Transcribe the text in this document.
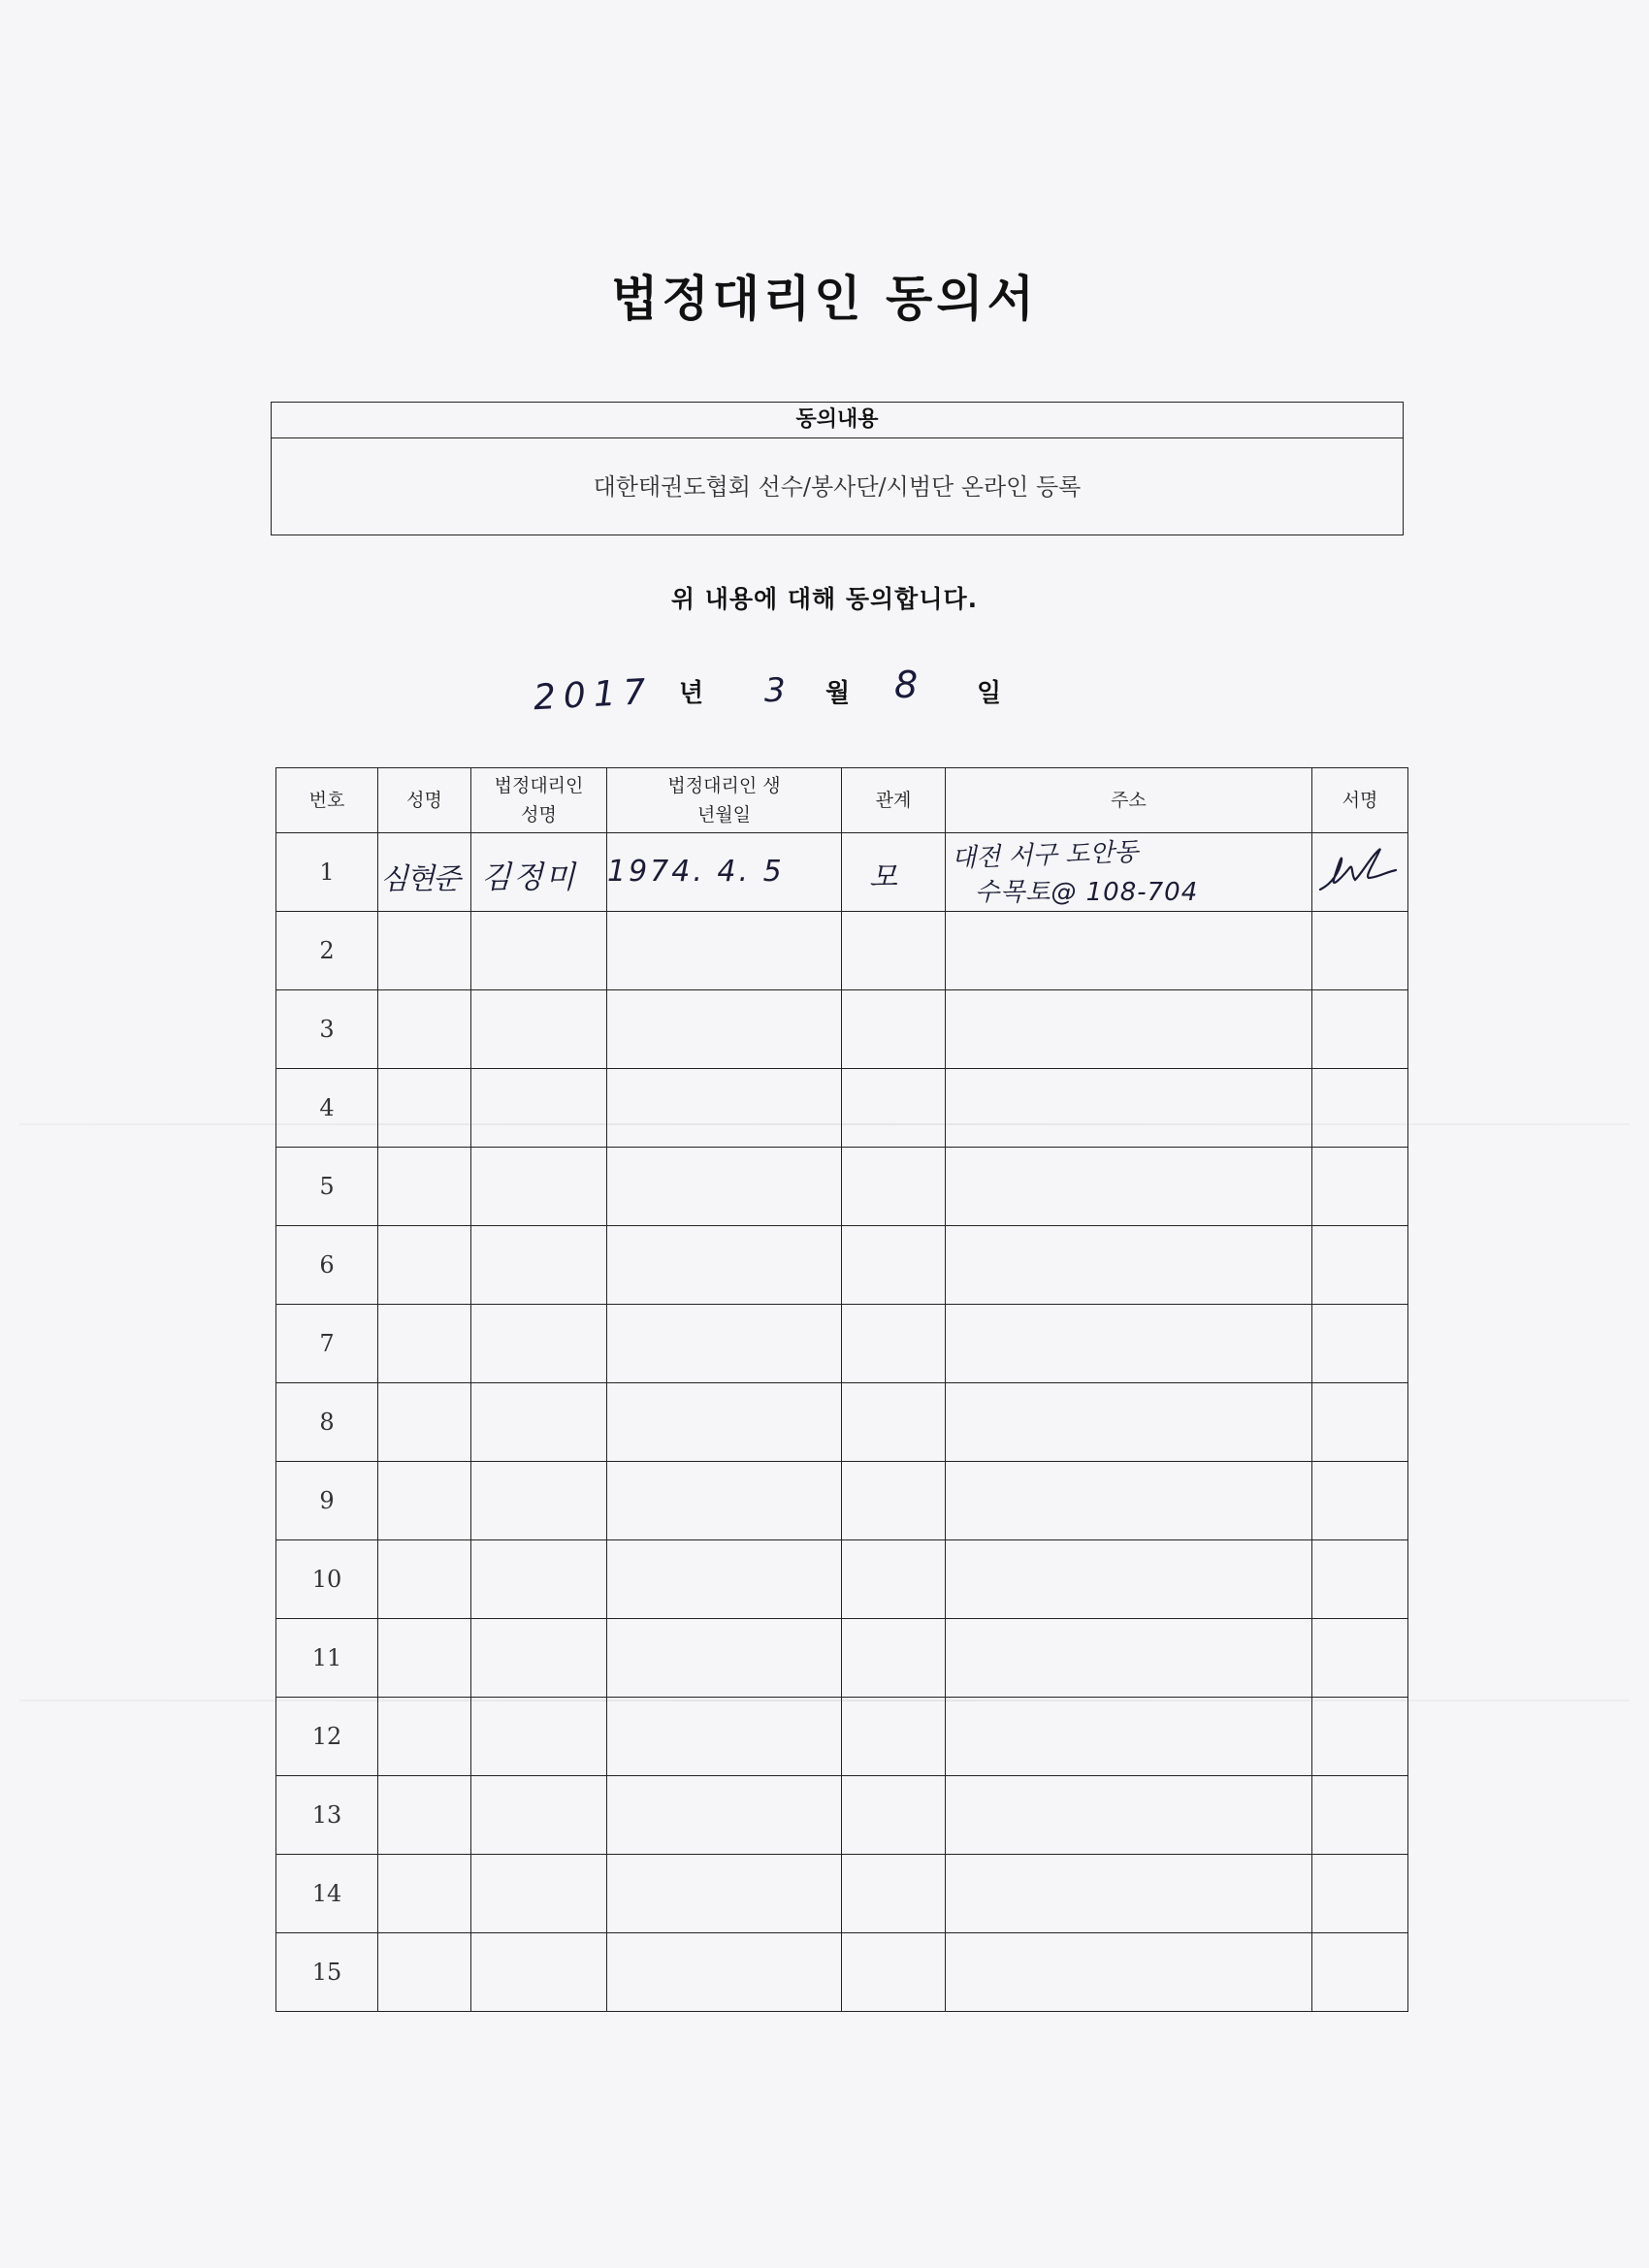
법정대리인 동의서
동의내용
대한태권도협회 선수/봉사단/시범단 온라인 등록
위 내용에 대해 동의합니다.
2017 년 3 월 8 일
번호	성명	법정대리인 성명	법정대리인 생년월일	관계	주소	서명
1	심현준	김정미	1974. 4. 5	모	대전 서구 도안동
수목토@ 108-704

2						
3						
4						
5						
6						
7						
8						
9						
10						
11						
12						
13						
14						
15						
